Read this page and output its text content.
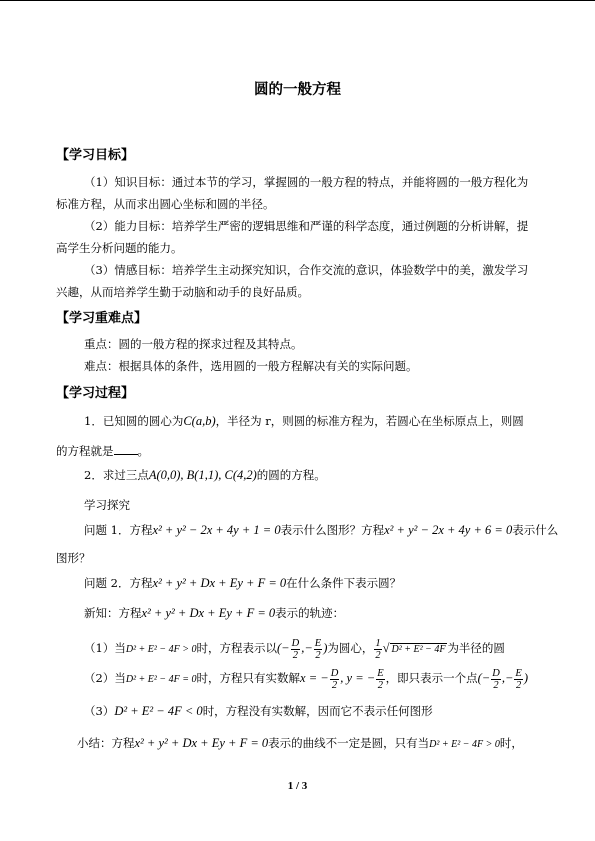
圆的一般方程
【学习目标】
（1）知识目标：通过本节的学习，掌握圆的一般方程的特点，并能将圆的一般方程化为
标准方程，从而求出圆心坐标和圆的半径。
（2）能力目标：培养学生严密的逻辑思维和严谨的科学态度，通过例题的分析讲解，提
高学生分析问题的能力。
（3）情感目标：培养学生主动探究知识，合作交流的意识，体验数学中的美，激发学习
兴趣，从而培养学生勤于动脑和动手的良好品质。
【学习重难点】
重点：圆的一般方程的探求过程及其特点。
难点：根据具体的条件，选用圆的一般方程解决有关的实际问题。
【学习过程】
1．已知圆的圆心为C(a,b)，半径为 r，则圆的标准方程为，若圆心在坐标原点上，则圆
的方程就是 。
2．求过三点A(0,0), B(1,1), C(4,2)的圆的方程。
学习探究
问题 1．方程x² + y² − 2x + 4y + 1 = 0表示什么图形？方程x² + y² − 2x + 4y + 6 = 0表示什么
图形？
问题 2．方程x² + y² + Dx + Ey + F = 0在什么条件下表示圆？
新知：方程x² + y² + Dx + Ey + F = 0表示的轨迹：
（1）当D² + E² − 4F > 0时，方程表示以(− $\frac{D}{2}$ ,− $\frac{E}{2}$ )为圆心， $\frac{1}{2}$ √ D² + E² − 4F 为半径的圆
（2）当D² + E² − 4F = 0时，方程只有实数解x = − $\frac{D}{2}$ , y = − $\frac{E}{2}$ ，即只表示一个点(− $\frac{D}{2}$ ,− $\frac{E}{2}$ )
（3）D² + E² − 4F < 0时，方程没有实数解，因而它不表示任何图形
小结：方程x² + y² + Dx + Ey + F = 0表示的曲线不一定是圆，只有当D² + E² − 4F > 0时，
1 / 3
